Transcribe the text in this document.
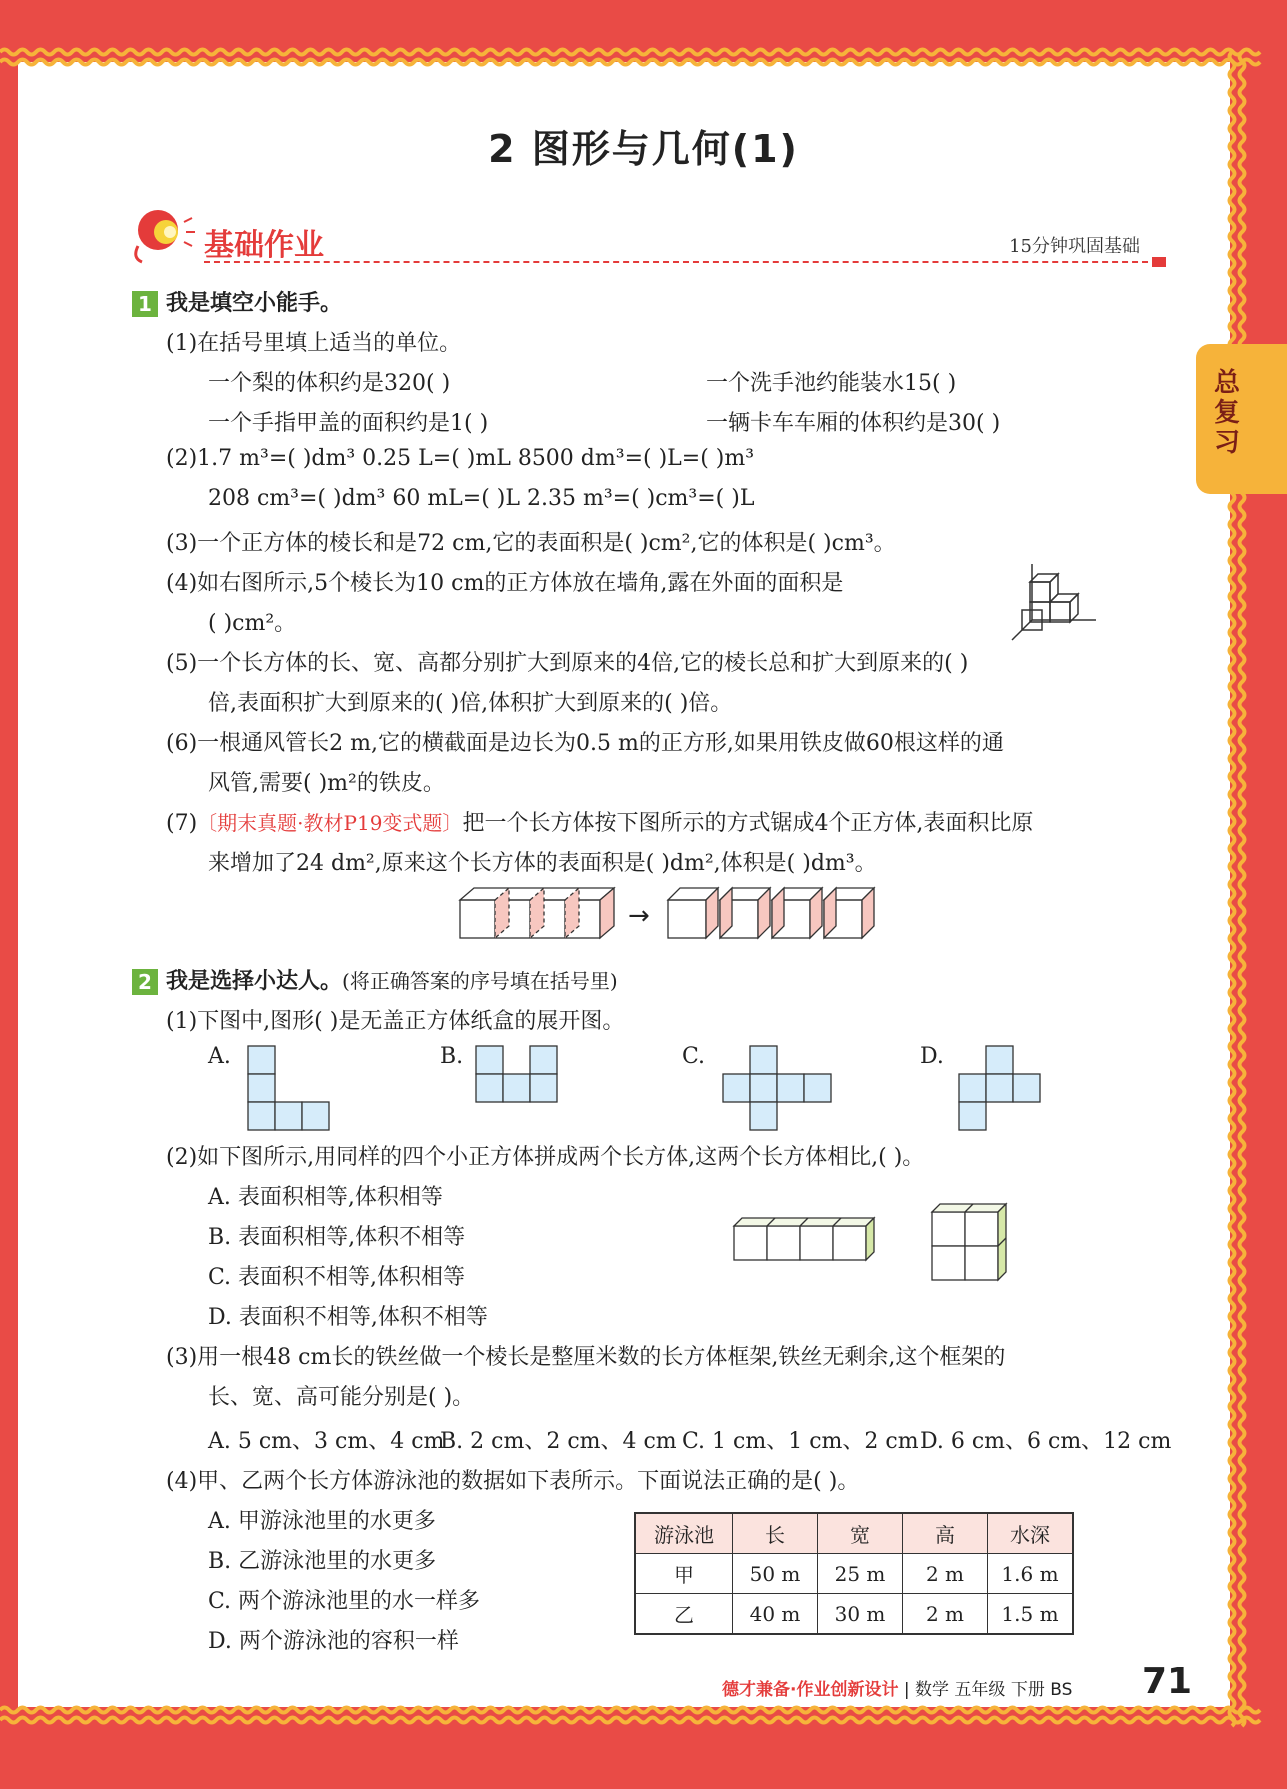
2 图形与几何(1)
总复习
基础作业	15分钟巩固基础
1 我是填空小能手。
(1)在括号里填上适当的单位。
一个梨的体积约是320( )	一个洗手池约能装水15( )
一个手指甲盖的面积约是1( )	一辆卡车车厢的体积约是30( )
(2)1.7 m³=( )dm³ 0.25 L=( )mL 8500 dm³=( )L=( )m³
208 cm³=( )dm³ 60 mL=( )L 2.35 m³=( )cm³=( )L
(3)一个正方体的棱长和是72 cm,它的表面积是( )cm²,它的体积是( )cm³。
(4)如右图所示,5个棱长为10 cm的正方体放在墙角,露在外面的面积是
( )cm²。
(5)一个长方体的长、宽、高都分别扩大到原来的4倍,它的棱长总和扩大到原来的( )
倍,表面积扩大到原来的( )倍,体积扩大到原来的( )倍。
(6)一根通风管长2 m,它的横截面是边长为0.5 m的正方形,如果用铁皮做60根这样的通
风管,需要( )m²的铁皮。
(7)〔期末真题·教材P19变式题〕把一个长方体按下图所示的方式锯成4个正方体,表面积比原
来增加了24 dm²,原来这个长方体的表面积是( )dm²,体积是( )dm³。
→
2 我是选择小达人。(将正确答案的序号填在括号里)
(1)下图中,图形( )是无盖正方体纸盒的展开图。
A.	B.	C.	D.
(2)如下图所示,用同样的四个小正方体拼成两个长方体,这两个长方体相比,( )。
A. 表面积相等,体积相等
B. 表面积相等,体积不相等
C. 表面积不相等,体积相等
D. 表面积不相等,体积不相等
(3)用一根48 cm长的铁丝做一个棱长是整厘米数的长方体框架,铁丝无剩余,这个框架的
长、宽、高可能分别是( )。
A. 5 cm、3 cm、4 cm
B. 2 cm、2 cm、4 cm C. 1 cm、1 cm、2 cm D. 6 cm、6 cm、12 cm
(4)甲、乙两个长方体游泳池的数据如下表所示。下面说法正确的是( )。
A. 甲游泳池里的水更多
B. 乙游泳池里的水更多
C. 两个游泳池里的水一样多
D. 两个游泳池的容积一样
游泳池	长	宽	高	水深
甲	50 m	25 m	2 m	1.6 m
乙	40 m	30 m	2 m	1.5 m
德才兼备·作业创新设计 | 数学 五年级 下册 BS 71
